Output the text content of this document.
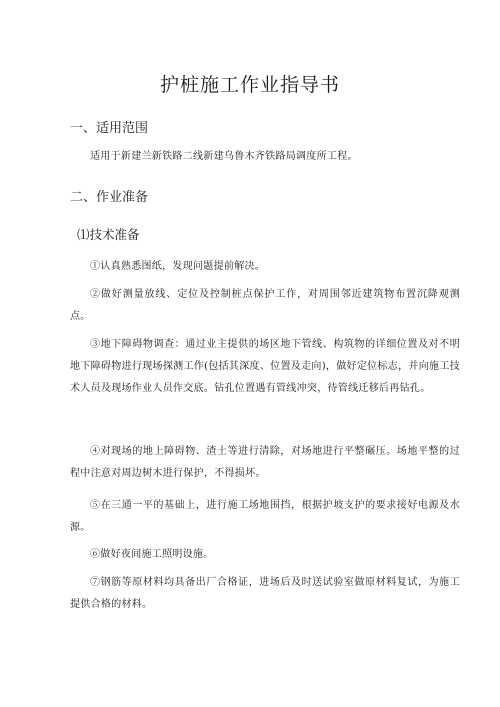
护桩施工作业指导书
一、适用范围
适用于新建兰新铁路二线新建乌鲁木齐铁路局调度所工程。
二、作业准备
⑴技术准备
①认真熟悉图纸，发现问题提前解决。
②做好测量放线、定位及控制桩点保护工作，对周围邻近建筑物布置沉降观测点。
③地下障碍物调查：通过业主提供的场区地下管线、构筑物的详细位置及对不明地下障碍物进行现场探测工作(包括其深度、位置及走向)，做好定位标志，并向施工技术人员及现场作业人员作交底。钻孔位置遇有管线冲突，待管线迁移后再钻孔。
④对现场的地上障碍物、渣土等进行清除，对场地进行平整碾压。场地平整的过程中注意对周边树木进行保护，不得损坏。
⑤在三通一平的基础上，进行施工场地围挡，根据护坡支护的要求接好电源及水源。
⑥做好夜间施工照明设施。
⑦钢筋等原材料均具备出厂合格证，进场后及时送试验室做原材料复试，为施工提供合格的材料。
